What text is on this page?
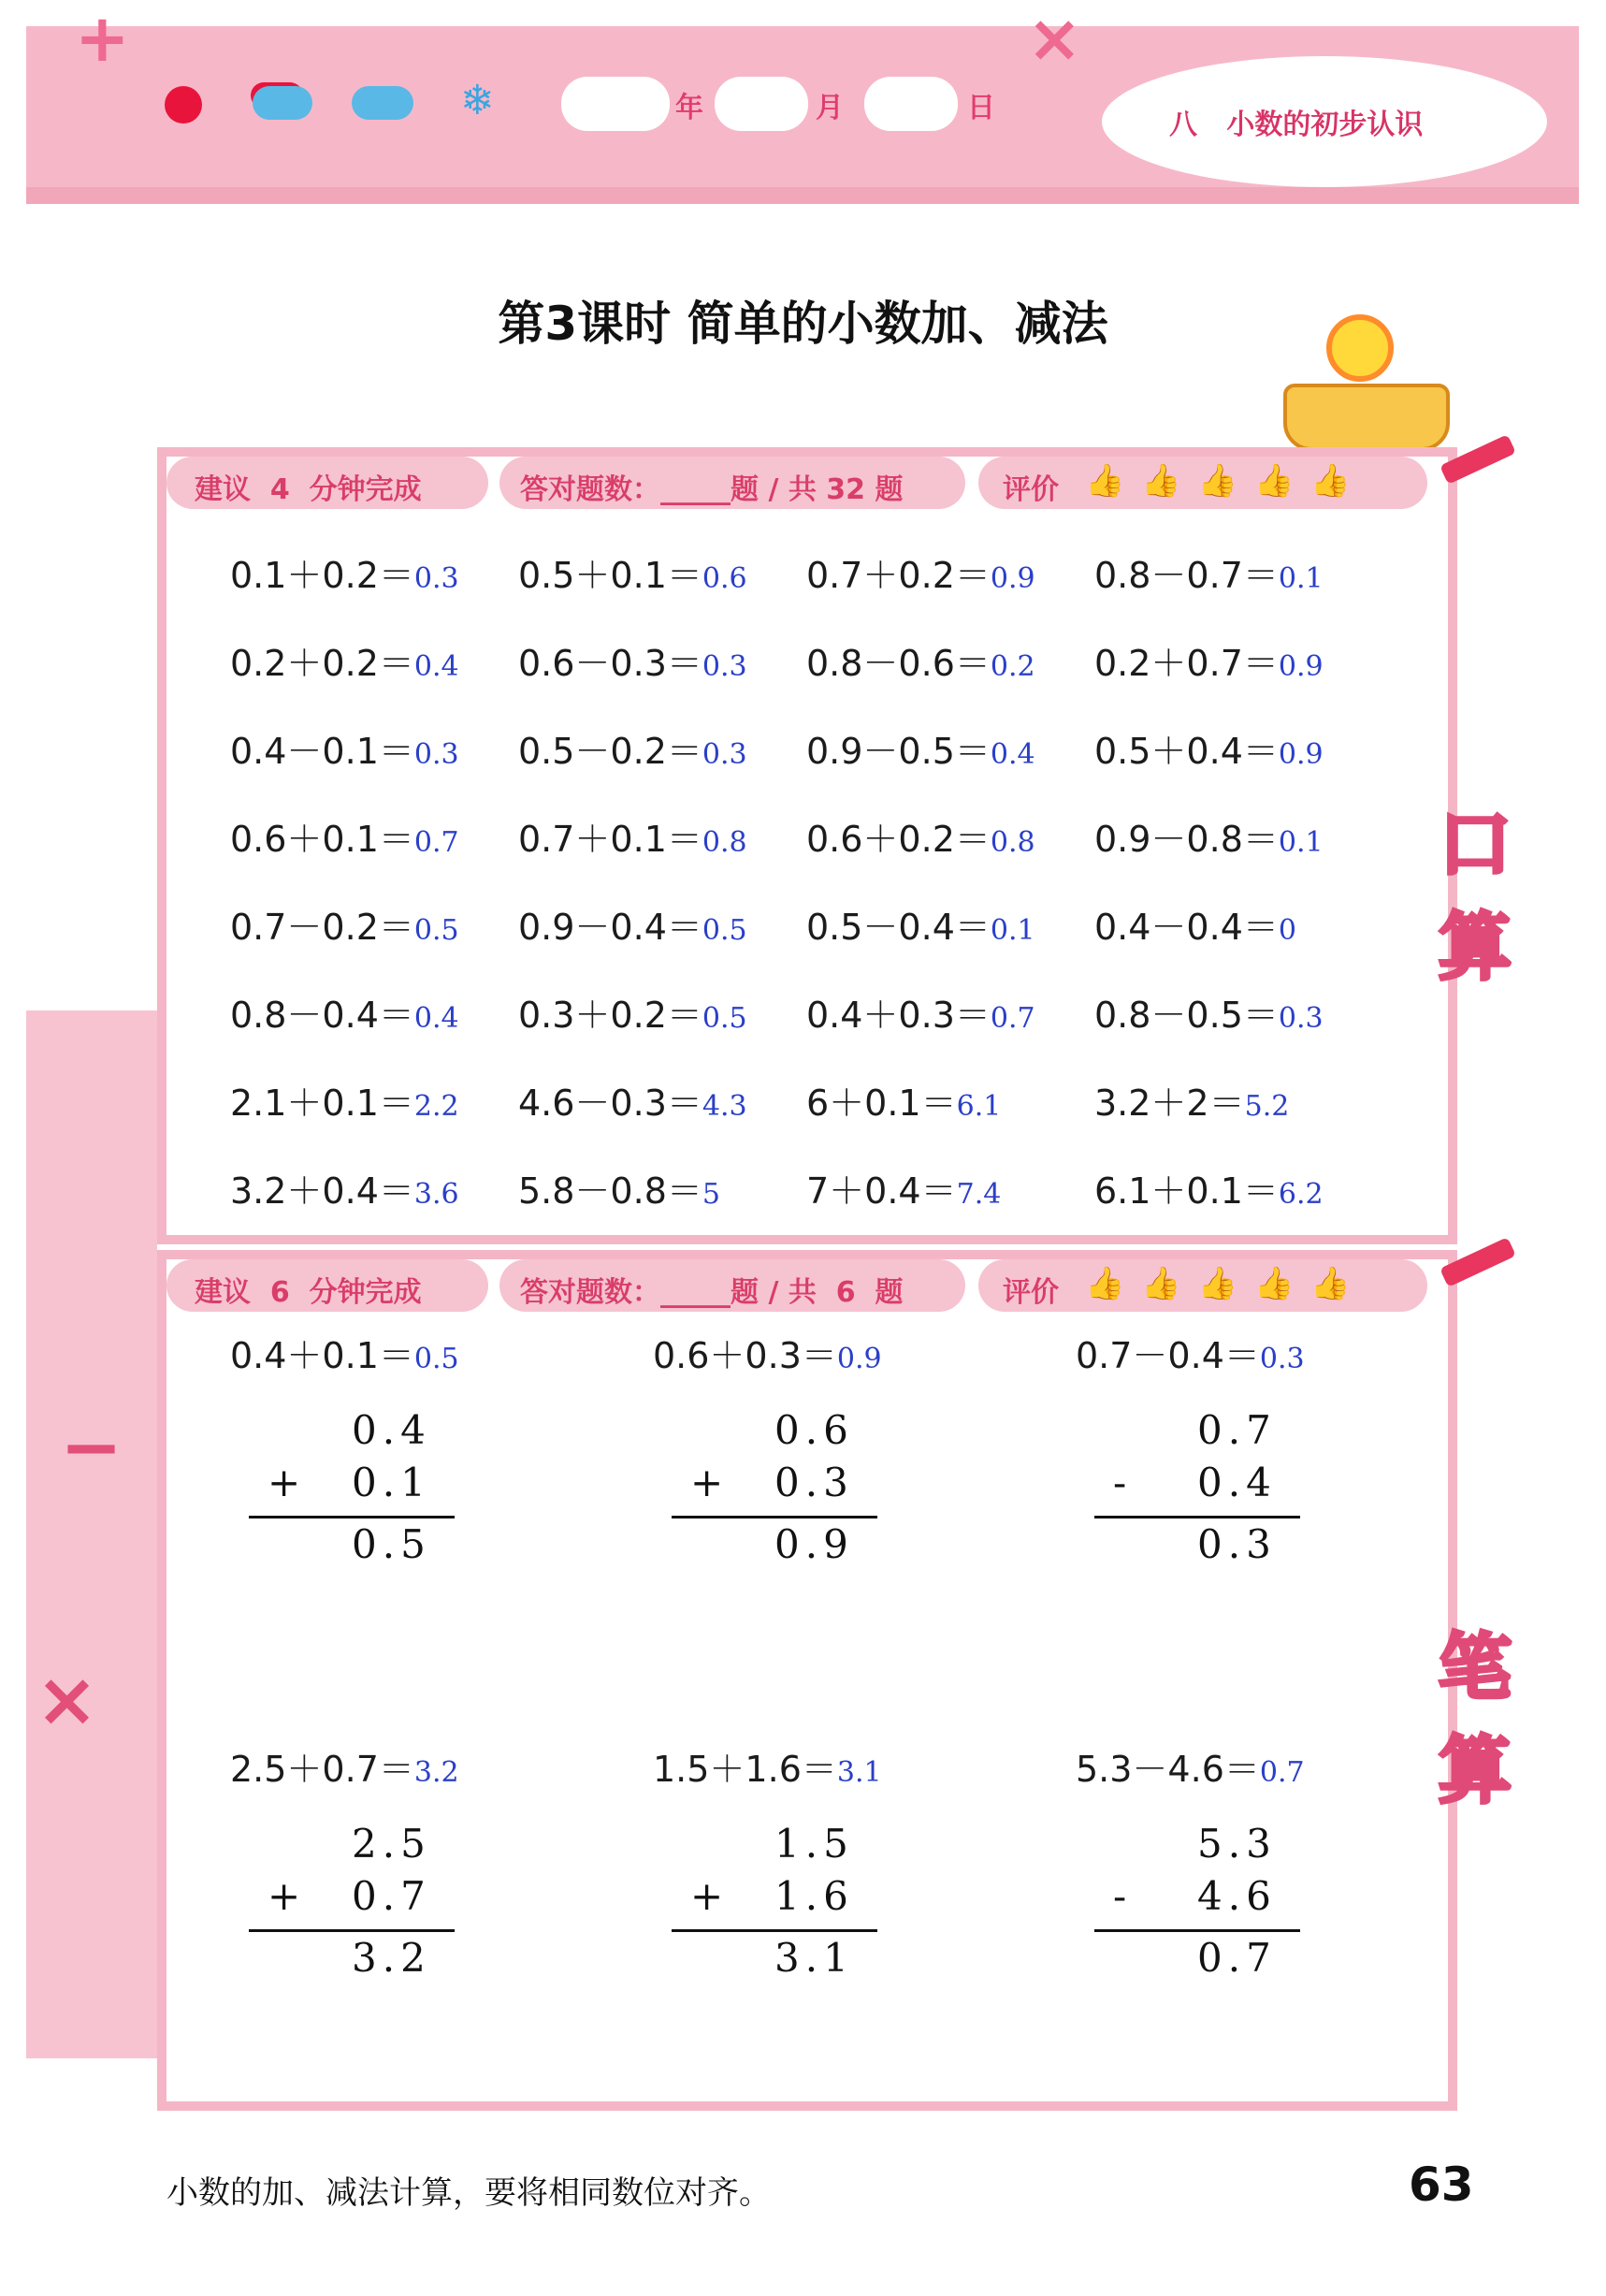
+	×
❄	年	月	日
八   小数的初步认识
第3课时 简单的小数加、减法
−
×
建议  4  分钟完成	答对题数：_____题 / 共 32 题	评价 👍👍👍👍👍
0.1＋0.2＝0.3 0.5＋0.1＝0.6 0.7＋0.2＝0.9 0.8－0.7＝0.1
0.2＋0.2＝0.4 0.6－0.3＝0.3 0.8－0.6＝0.2 0.2＋0.7＝0.9
0.4－0.1＝0.3 0.5－0.2＝0.3 0.9－0.5＝0.4 0.5＋0.4＝0.9
0.6＋0.1＝0.7 0.7＋0.1＝0.8 0.6＋0.2＝0.8 0.9－0.8＝0.1
0.7－0.2＝0.5 0.9－0.4＝0.5 0.5－0.4＝0.1 0.4－0.4＝0
0.8－0.4＝0.4 0.3＋0.2＝0.5 0.4＋0.3＝0.7 0.8－0.5＝0.3
2.1＋0.1＝2.2 4.6－0.3＝4.3 6＋0.1＝6.1	3.2＋2＝5.2
3.2＋0.4＝3.6 5.8－0.8＝5 7＋0.4＝7.4	6.1＋0.1＝6.2
口
算
建议  6  分钟完成	答对题数：_____题 / 共  6  题	评价 👍👍👍👍👍
0.4＋0.1＝0.5
0.4
+ 0.1
0.5
0.6＋0.3＝0.9
0.6
+ 0.3
0.9
0.7－0.4＝0.3
0.7
- 0.4
0.3
2.5＋0.7＝3.2
2.5
+ 0.7
3.2
1.5＋1.6＝3.1
1.5
+ 1.6
3.1
5.3－4.6＝0.7
5.3
- 4.6
0.7
笔
算
小数的加、减法计算，要将相同数位对齐。	63
